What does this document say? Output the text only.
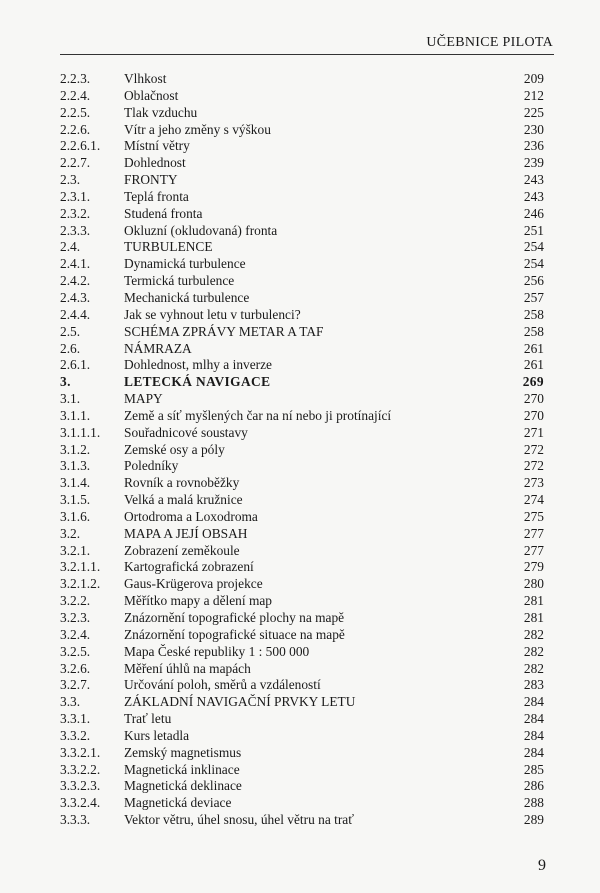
UČEBNICE PILOTA
2.2.3.	Vlhkost	209
2.2.4.	Oblačnost	212
2.2.5.	Tlak vzduchu	225
2.2.6.	Vítr a jeho změny s výškou	230
2.2.6.1. Místní větry	236
2.2.7.	Dohlednost	239
2.3.	FRONTY	243
2.3.1.	Teplá fronta	243
2.3.2.	Studená fronta	246
2.3.3.	Okluzní (okludovaná) fronta	251
2.4.	TURBULENCE	254
2.4.1.	Dynamická turbulence	254
2.4.2.	Termická turbulence	256
2.4.3.	Mechanická turbulence	257
2.4.4.	Jak se vyhnout letu v turbulenci?	258
2.5.	SCHÉMA ZPRÁVY METAR A TAF	258
2.6.	NÁMRAZA	261
2.6.1.	Dohlednost, mlhy a inverze	261
3.	LETECKÁ NAVIGACE	269
3.1.	MAPY	270
3.1.1.	Země a síť myšlených čar na ní nebo ji protínající	270
3.1.1.1. Souřadnicové soustavy	271
3.1.2.	Zemské osy a póly	272
3.1.3.	Poledníky	272
3.1.4.	Rovník a rovnoběžky	273
3.1.5.	Velká a malá kružnice	274
3.1.6.	Ortodroma a Loxodroma	275
3.2.	MAPA A JEJÍ OBSAH	277
3.2.1.	Zobrazení zeměkoule	277
3.2.1.1. Kartografická zobrazení	279
3.2.1.2. Gaus-Krügerova projekce	280
3.2.2.	Měřítko mapy a dělení map	281
3.2.3.	Znázornění topografické plochy na mapě	281
3.2.4.	Znázornění topografické situace na mapě	282
3.2.5.	Mapa České republiky 1 : 500 000	282
3.2.6.	Měření úhlů na mapách	282
3.2.7.	Určování poloh, směrů a vzdáleností	283
3.3.	ZÁKLADNÍ NAVIGAČNÍ PRVKY LETU	284
3.3.1.	Trať letu	284
3.3.2.	Kurs letadla	284
3.3.2.1. Zemský magnetismus	284
3.3.2.2. Magnetická inklinace	285
3.3.2.3. Magnetická deklinace	286
3.3.2.4. Magnetická deviace	288
3.3.3.	Vektor větru, úhel snosu, úhel větru na trať	289
9
